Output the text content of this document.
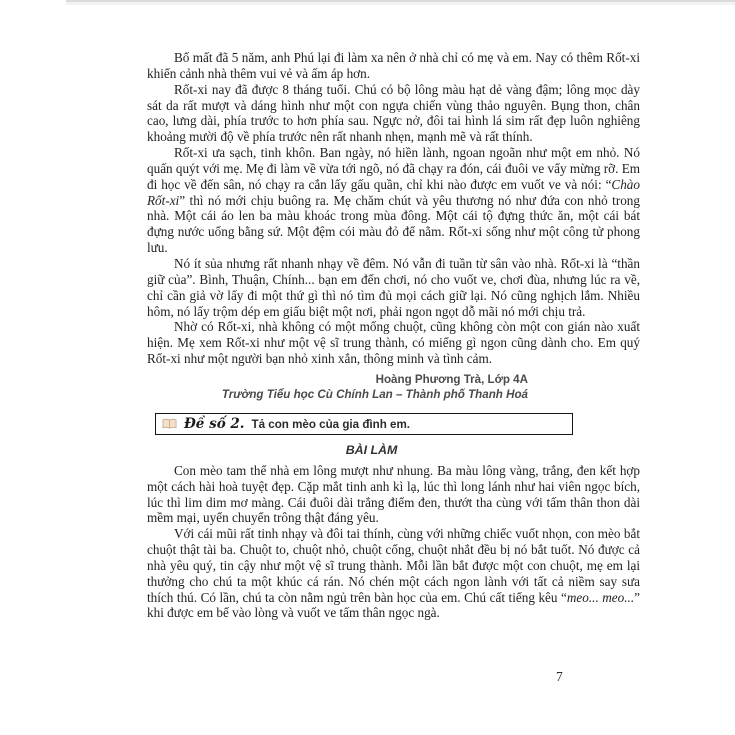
Bố mất đã 5 năm, anh Phú lại đi làm xa nên ở nhà chỉ có mẹ và em. Nay có thêm Rốt-xi khiến cảnh nhà thêm vui vẻ và ấm áp hơn.

Rốt-xi nay đã được 8 tháng tuổi. Chú có bộ lông màu hạt dẻ vàng đậm; lông mọc dày sát da rất mượt và dáng hình như một con ngựa chiến vùng thảo nguyên. Bụng thon, chân cao, lưng dài, phía trước to hơn phía sau. Ngực nở, đôi tai hình lá sim rất đẹp luôn nghiêng khoảng mười độ về phía trước nên rất nhanh nhẹn, mạnh mẽ và rất thính.

Rốt-xi ưa sạch, tinh khôn. Ban ngày, nó hiền lành, ngoan ngoãn như một em nhỏ. Nó quấn quýt với mẹ. Mẹ đi làm về vừa tới ngõ, nó đã chạy ra đón, cái đuôi ve vẩy mừng rỡ. Em đi học về đến sân, nó chạy ra cắn lấy gấu quần, chỉ khi nào được em vuốt ve và nói: “Chào Rốt-xi” thì nó mới chịu buông ra. Mẹ chăm chút và yêu thương nó như đứa con nhỏ trong nhà. Một cái áo len ba màu khoác trong mùa đông. Một cái tộ đựng thức ăn, một cái bát đựng nước uống bằng sứ. Một đệm cói màu đỏ để nằm. Rốt-xi sống như một công tử phong lưu.

Nó ít sủa nhưng rất nhanh nhạy về đêm. Nó vẫn đi tuần từ sân vào nhà. Rốt-xi là “thần giữ của”. Bình, Thuận, Chính... bạn em đến chơi, nó cho vuốt ve, chơi đùa, nhưng lúc ra về, chỉ cần giả vờ lấy đi một thứ gì thì nó tìm đủ mọi cách giữ lại. Nó cũng nghịch lắm. Nhiều hôm, nó lấy trộm dép em giấu biệt một nơi, phải ngon ngọt dỗ mãi nó mới chịu trả.

Nhờ có Rốt-xi, nhà không có một mống chuột, cũng không còn một con gián nào xuất hiện. Mẹ xem Rốt-xi như một vệ sĩ trung thành, có miếng gì ngon cũng dành cho. Em quý Rốt-xi như một người bạn nhỏ xinh xắn, thông minh và tình cảm.

Hoàng Phương Trà, Lớp 4A
Trường Tiểu học Cù Chính Lan – Thành phố Thanh Hoá
Đề số 2. Tả con mèo của gia đình em.
BÀI LÀM

Con mèo tam thể nhà em lông mượt như nhung. Ba màu lông vàng, trắng, đen kết hợp một cách hài hoà tuyệt đẹp. Cặp mắt tinh anh kì lạ, lúc thì long lánh như hai viên ngọc bích, lúc thì lim dim mơ màng. Cái đuôi dài trắng điểm đen, thướt tha cùng với tấm thân thon dài mềm mại, uyển chuyển trông thật đáng yêu.

Với cái mũi rất tinh nhạy và đôi tai thính, cùng với những chiếc vuốt nhọn, con mèo bắt chuột thật tài ba. Chuột to, chuột nhỏ, chuột cống, chuột nhắt đều bị nó bắt tuốt. Nó được cả nhà yêu quý, tin cậy như một vệ sĩ trung thành. Mỗi lần bắt được một con chuột, mẹ em lại thưởng cho chú ta một khúc cá rán. Nó chén một cách ngon lành với tất cả niềm say sưa thích thú. Có lần, chú ta còn nằm ngủ trên bàn học của em. Chú cất tiếng kêu “meo... meo...” khi được em bế vào lòng và vuốt ve tấm thân ngọc ngà.

7
